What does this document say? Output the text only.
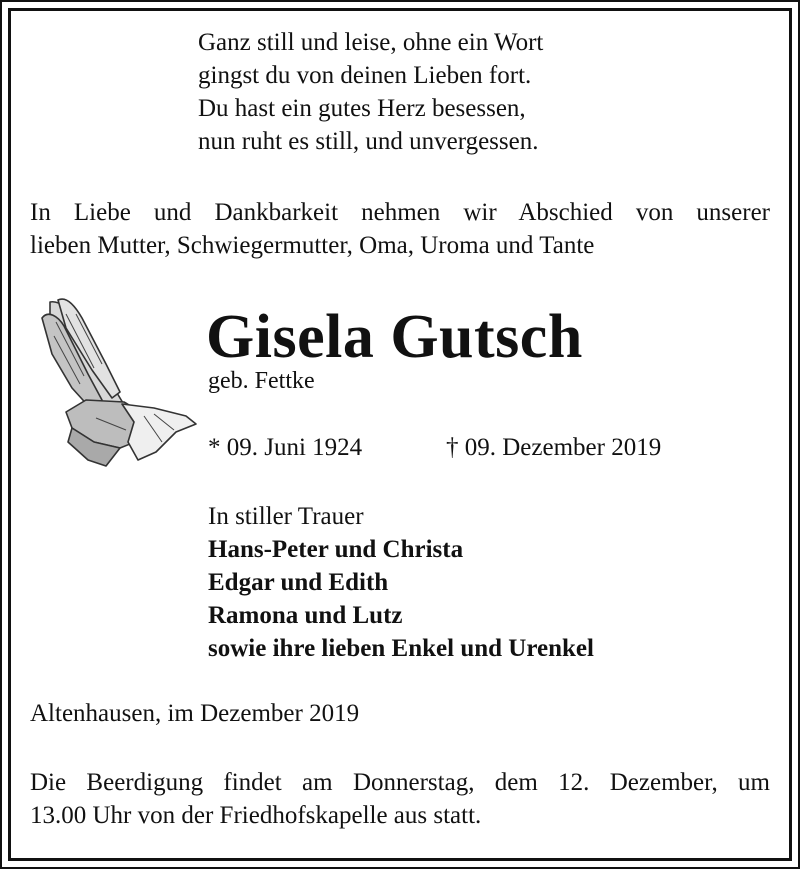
Ganz still und leise, ohne ein Wort
gingst du von deinen Lieben fort.
Du hast ein gutes Herz besessen,
nun ruht es still, und unvergessen.
In Liebe und Dankbarkeit nehmen wir Abschied von unserer
lieben Mutter, Schwiegermutter, Oma, Uroma und Tante
Gisela Gutsch
geb. Fettke
* 09. Juni 1924	† 09. Dezember 2019
In stiller Trauer
Hans-Peter und Christa
Edgar und Edith
Ramona und Lutz
sowie ihre lieben Enkel und Urenkel
Altenhausen, im Dezember 2019
Die Beerdigung findet am Donnerstag, dem 12. Dezember, um
13.00 Uhr von der Friedhofskapelle aus statt.
